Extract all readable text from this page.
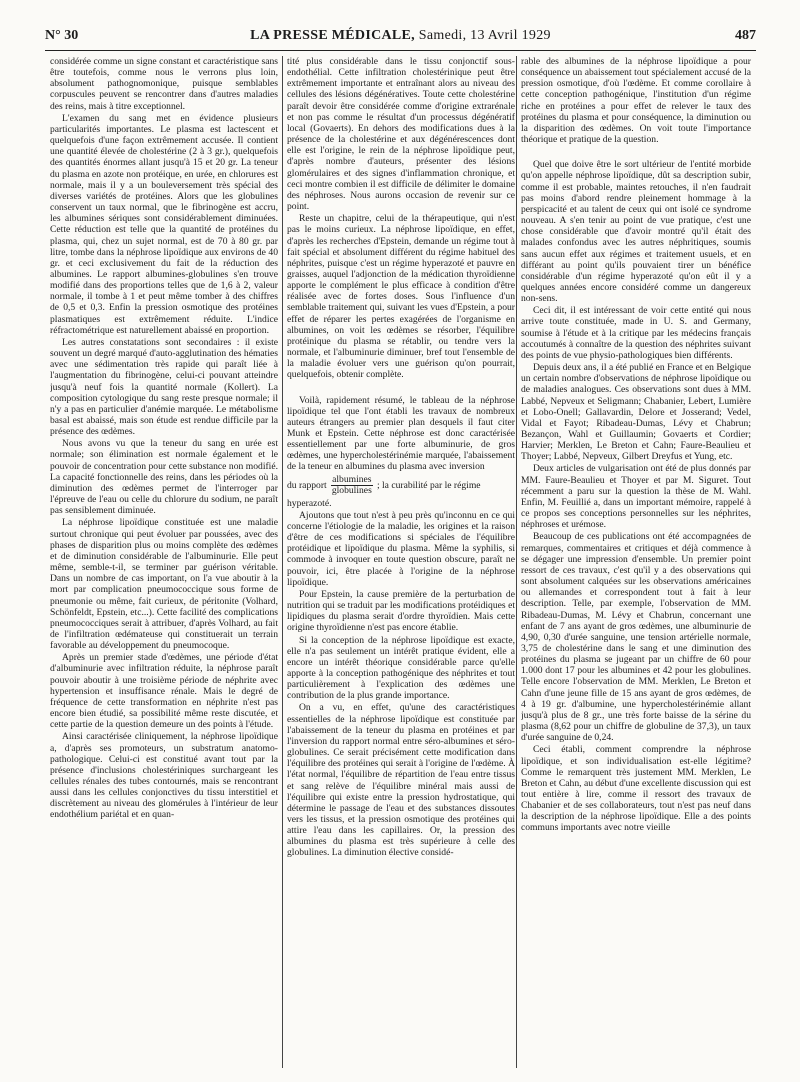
N° 30	LA PRESSE MÉDICALE, Samedi, 13 Avril 1929	487

considérée comme un signe constant et caractéristique sans être toutefois, comme nous le verrons plus loin, absolument pathognomonique, puisque semblables corpuscules peuvent se rencontrer dans d'autres maladies des reins, mais à titre exceptionnel.

L'examen du sang met en évidence plusieurs particularités importantes. Le plasma est lactescent et quelquefois d'une façon extrêmement accusée. Il contient une quantité élevée de cholestérine (2 à 3 gr.), quelquefois des quantités énormes allant jusqu'à 15 et 20 gr. La teneur du plasma en azote non protéique, en urée, en chlorures est normale, mais il y a un bouleversement très spécial des diverses variétés de protéines. Alors que les globulines conservent un taux normal, que le fibrinogène est accru, les albumines sériques sont considérablement diminuées. Cette réduction est telle que la quantité de protéines du plasma, qui, chez un sujet normal, est de 70 à 80 gr. par litre, tombe dans la néphrose lipoïdique aux environs de 40 gr. et ceci exclusivement du fait de la réduction des albumines. Le rapport albumines-globulines s'en trouve modifié dans des proportions telles que de 1,6 à 2, valeur normale, il tombe à 1 et peut même tomber à des chiffres de 0,5 et 0,3. Enfin la pression osmotique des protéines plasmatiques est extrêmement réduite. L'indice réfractométrique est naturellement abaissé en proportion.

Les autres constatations sont secondaires : il existe souvent un degré marqué d'auto-agglutination des hématies avec une sédimentation très rapide qui paraît liée à l'augmentation du fibrinogène, celui-ci pouvant atteindre jusqu'à neuf fois la quantité normale (Kollert). La composition cytologique du sang reste presque normale; il n'y a pas en particulier d'anémie marquée. Le métabolisme basal est abaissé, mais son étude est rendue difficile par la présence des œdèmes.

Nous avons vu que la teneur du sang en urée est normale; son élimination est normale également et le pouvoir de concentration pour cette substance non modifié. La capacité fonctionnelle des reins, dans les périodes où la diminution des œdèmes permet de l'interroger par l'épreuve de l'eau ou celle du chlorure du sodium, ne paraît pas sensiblement diminuée.

La néphrose lipoïdique constituée est une maladie surtout chronique qui peut évoluer par poussées, avec des phases de disparition plus ou moins complète des œdèmes et de diminution considérable de l'albuminurie. Elle peut même, semble-t-il, se terminer par guérison véritable. Dans un nombre de cas important, on l'a vue aboutir à la mort par complication pneumococcique sous forme de pneumonie ou même, fait curieux, de péritonite (Volhard, Schönfeldt, Epstein, etc...). Cette facilité des complications pneumococciques serait à attribuer, d'après Volhard, au fait de l'infiltration œdémateuse qui constituerait un terrain favorable au développement du pneumocoque.

Après un premier stade d'œdèmes, une période d'état d'albuminurie avec infiltration réduite, la néphrose paraît pouvoir aboutir à une troisième période de néphrite avec hypertension et insuffisance rénale. Mais le degré de fréquence de cette transformation en néphrite n'est pas encore bien étudié, sa possibilité même reste discutée, et cette partie de la question demeure un des points à l'étude.

Ainsi caractérisée cliniquement, la néphrose lipoïdique a, d'après ses promoteurs, un substratum anatomo-pathologique. Celui-ci est constitué avant tout par la présence d'inclusions cholestériniques surchargeant les cellules rénales des tubes contournés, mais se rencontrant aussi dans les cellules conjonctives du tissu interstitiel et discrètement au niveau des glomérules à l'intérieur de leur endothélium pariétal et en quan-

tité plus considérable dans le tissu conjonctif sous-endothélial. Cette infiltration cholestérinique peut être extrêmement importante et entraînant alors au niveau des cellules des lésions dégénératives. Toute cette cholestérine paraît devoir être considérée comme d'origine extrarénale et non pas comme le résultat d'un processus dégénératif local (Govaerts). En dehors des modifications dues à la présence de la cholestérine et aux dégénérescences dont elle est l'origine, le rein de la néphrose lipoïdique peut, d'après nombre d'auteurs, présenter des lésions glomérulaires et des signes d'inflammation chronique, et ceci montre combien il est difficile de délimiter le domaine des néphroses. Nous aurons occasion de revenir sur ce point.

Reste un chapitre, celui de la thérapeutique, qui n'est pas le moins curieux. La néphrose lipoïdique, en effet, d'après les recherches d'Epstein, demande un régime tout à fait spécial et absolument différent du régime habituel des néphrites, puisque c'est un régime hyperazoté et pauvre en graisses, auquel l'adjonction de la médication thyroïdienne apporte le complément le plus efficace à condition d'être réalisée avec de fortes doses. Sous l'influence d'un semblable traitement qui, suivant les vues d'Epstein, a pour effet de réparer les pertes exagérées de l'organisme en albumines, on voit les œdèmes se résorber, l'équilibre protéinique du plasma se rétablir, ou tendre vers la normale, et l'albuminurie diminuer, bref tout l'ensemble de la maladie évoluer vers une guérison qu'on pourrait, quelquefois, obtenir complète.

Voilà, rapidement résumé, le tableau de la néphrose lipoïdique tel que l'ont établi les travaux de nombreux auteurs étrangers au premier plan desquels il faut citer Munk et Epstein. Cette néphrose est donc caractérisée essentiellement par une forte albuminurie, de gros œdèmes, une hypercholestérinémie marquée, l'abaissement de la teneur en albumines du plasma avec inversion

du rapport $\frac{\text{albumines}}{\text{globulines}}$ ; la curabilité par le régime

hyperazoté.

Ajoutons que tout n'est à peu près qu'inconnu en ce qui concerne l'étiologie de la maladie, les origines et la raison d'être de ces modifications si spéciales de l'équilibre protéidique et lipoïdique du plasma. Même la syphilis, si commode à invoquer en toute question obscure, paraît ne pouvoir, ici, être placée à l'origine de la néphrose lipoïdique.

Pour Epstein, la cause première de la perturbation de nutrition qui se traduit par les modifications protéidiques et lipidiques du plasma serait d'ordre thyroïdien. Mais cette origine thyroïdienne n'est pas encore établie.

Si la conception de la néphrose lipoïdique est exacte, elle n'a pas seulement un intérêt pratique évident, elle a encore un intérêt théorique considérable parce qu'elle apporte à la conception pathogénique des néphrites et tout particulièrement à l'explication des œdèmes une contribution de la plus grande importance.

On a vu, en effet, qu'une des caractéristiques essentielles de la néphrose lipoïdique est constituée par l'abaissement de la teneur du plasma en protéines et par l'inversion du rapport normal entre séro-albumines et séro-globulines. Ce serait précisément cette modification dans l'équilibre des protéines qui serait à l'origine de l'œdème. À l'état normal, l'équilibre de répartition de l'eau entre tissus et sang relève de l'équilibre minéral mais aussi de l'équilibre qui existe entre la pression hydrostatique, qui détermine le passage de l'eau et des substances dissoutes vers les tissus, et la pression osmotique des protéines qui attire l'eau dans les capillaires. Or, la pression des albumines du plasma est très supérieure à celle des globulines. La diminution élective considé-

rable des albumines de la néphrose lipoïdique a pour conséquence un abaissement tout spécialement accusé de la pression osmotique, d'où l'œdème. Et comme corollaire à cette conception pathogénique, l'institution d'un régime riche en protéines a pour effet de relever le taux des protéines du plasma et pour conséquence, la diminution ou la disparition des œdèmes. On voit toute l'importance théorique et pratique de la question.

Quel que doive être le sort ultérieur de l'entité morbide qu'on appelle néphrose lipoïdique, dût sa description subir, comme il est probable, maintes retouches, il n'en faudrait pas moins d'abord rendre pleinement hommage à la perspicacité et au talent de ceux qui ont isolé ce syndrome nouveau. A s'en tenir au point de vue pratique, c'est une chose considérable que d'avoir montré qu'il était des malades confondus avec les autres néphritiques, soumis sans aucun effet aux régimes et traitement usuels, et en différant au point qu'ils pouvaient tirer un bénéfice considérable d'un régime hyperazoté qu'on eût il y a quelques années encore considéré comme un dangereux non-sens.

Ceci dit, il est intéressant de voir cette entité qui nous arrive toute constituée, made in U. S. and Germany, soumise à l'étude et à la critique par les médecins français accoutumés à connaître de la question des néphrites suivant des points de vue physio-pathologiques bien différents.

Depuis deux ans, il a été publié en France et en Belgique un certain nombre d'observations de néphrose lipoïdique ou de maladies analogues. Ces observations sont dues à MM. Labbé, Nepveux et Seligmann; Chabanier, Lebert, Lumière et Lobo-Onell; Gallavardin, Delore et Josserand; Vedel, Vidal et Fayot; Ribadeau-Dumas, Lévy et Chabrun; Bezançon, Wahl et Guillaumin; Govaerts et Cordier; Harvier; Merklen, Le Breton et Cahn; Faure-Beaulieu et Thoyer; Labbé, Nepveux, Gilbert Dreyfus et Yung, etc.

Deux articles de vulgarisation ont été de plus donnés par MM. Faure-Beaulieu et Thoyer et par M. Siguret. Tout récemment a paru sur la question la thèse de M. Wahl. Enfin, M. Feuillié a, dans un important mémoire, rappelé à ce propos ses conceptions personnelles sur les néphrites, néphroses et urémose.

Beaucoup de ces publications ont été accompagnées de remarques, commentaires et critiques et déjà commence à se dégager une impression d'ensemble. Un premier point ressort de ces travaux, c'est qu'il y a des observations qui sont absolument calquées sur les observations américaines ou allemandes et correspondent tout à fait à leur description. Telle, par exemple, l'observation de MM. Ribadeau-Dumas, M. Lévy et Chabrun, concernant une enfant de 7 ans ayant de gros œdèmes, une albuminurie de 4,90, 0,30 d'urée sanguine, une tension artérielle normale, 3,75 de cholestérine dans le sang et une diminution des protéines du plasma se jugeant par un chiffre de 60 pour 1.000 dont 17 pour les albumines et 42 pour les globulines. Telle encore l'observation de MM. Merklen, Le Breton et Cahn d'une jeune fille de 15 ans ayant de gros œdèmes, de 4 à 19 gr. d'albumine, une hypercholestérinémie allant jusqu'à plus de 8 gr., une très forte baisse de la sérine du plasma (8,62 pour un chiffre de globuline de 37,3), un taux d'urée sanguine de 0,24.

Ceci établi, comment comprendre la néphrose lipoïdique, et son individualisation est-elle légitime? Comme le remarquent très justement MM. Merklen, Le Breton et Cahn, au début d'une excellente discussion qui est tout entière à lire, comme il ressort des travaux de Chabanier et de ses collaborateurs, tout n'est pas neuf dans la description de la néphrose lipoïdique. Elle a des points communs importants avec notre vieille
